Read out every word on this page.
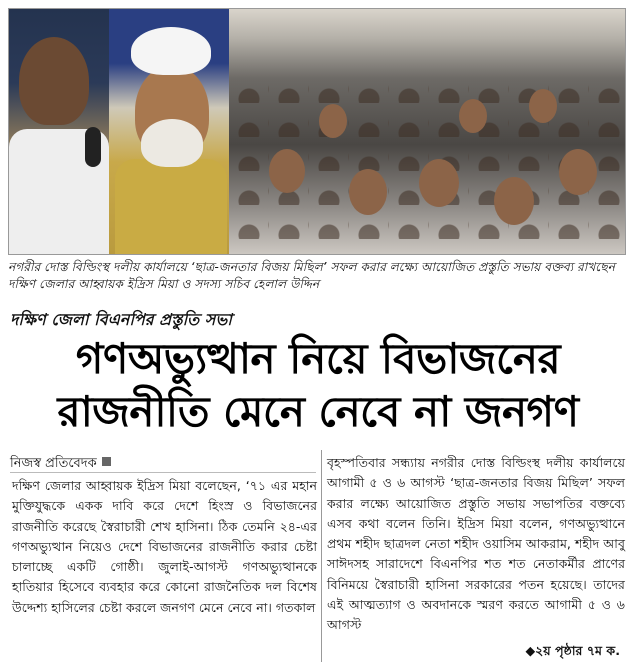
নগরীর দোস্ত বিল্ডিংস্থ দলীয় কার্যালয়ে ‘ছাত্র-জনতার বিজয় মিছিল’ সফল করার লক্ষ্যে আয়োজিত প্রস্তুতি সভায় বক্তব্য রাখছেন দক্ষিণ জেলার আহ্বায়ক ইদ্রিস মিয়া ও সদস্য সচিব হেলাল উদ্দিন
দক্ষিণ জেলা বিএনপির প্রস্তুতি সভা
গণঅভ্যুত্থান নিয়ে বিভাজনের
রাজনীতি মেনে নেবে না জনগণ
নিজস্ব প্রতিবেদক
দক্ষিণ জেলার আহ্বায়ক ইদ্রিস মিয়া বলেছেন, ‘৭১ এর মহান মুক্তিযুদ্ধকে একক দাবি করে দেশে হিংস্র ও বিভাজনের রাজনীতি করেছে স্বৈরাচারী শেখ হাসিনা। ঠিক তেমনি ২৪-এর গণঅভ্যুত্থান নিয়েও দেশে বিভাজনের রাজনীতি করার চেষ্টা চালাচ্ছে একটি গোষ্ঠী। জুলাই-আগস্ট গণঅভ্যুত্থানকে হাতিয়ার হিসেবে ব্যবহার করে কোনো রাজনৈতিক দল বিশেষ উদ্দেশ্য হাসিলের চেষ্টা করলে জনগণ মেনে নেবে না। গতকাল
বৃহস্পতিবার সন্ধ্যায় নগরীর দোস্ত বিল্ডিংস্থ দলীয় কার্যালয়ে আগামী ৫ ও ৬ আগস্ট ‘ছাত্র-জনতার বিজয় মিছিল’ সফল করার লক্ষ্যে আয়োজিত প্রস্তুতি সভায় সভাপতির বক্তব্যে এসব কথা বলেন তিনি। ইদ্রিস মিয়া বলেন, গণঅভ্যুত্থানে প্রথম শহীদ ছাত্রদল নেতা শহীদ ওয়াসিম আকরাম, শহীদ আবু সাঈদসহ সারাদেশে বিএনপির শত শত নেতাকর্মীর প্রাণের বিনিময়ে স্বৈরাচারী হাসিনা সরকারের পতন হয়েছে। তাদের এই আত্মত্যাগ ও অবদানকে স্মরণ করতে আগামী ৫ ও ৬ আগস্ট
◆২য় পৃষ্ঠার ৭ম ক.
